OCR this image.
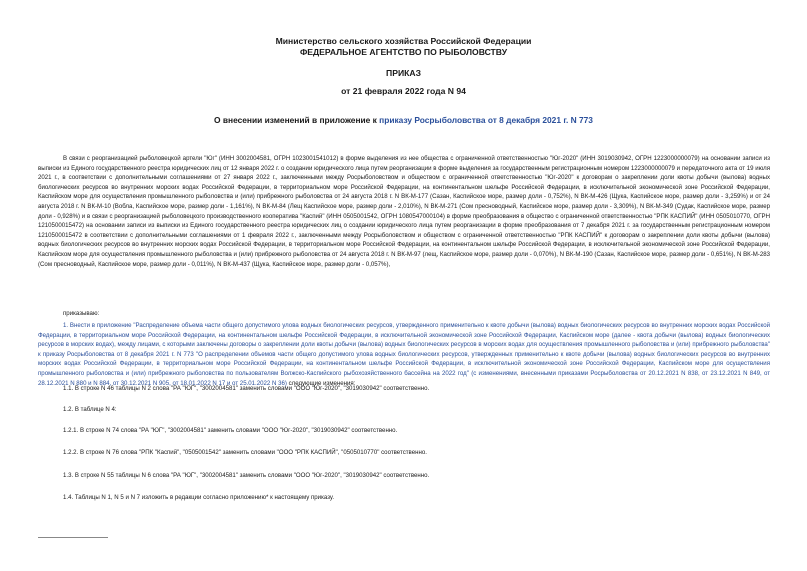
Министерство сельского хозяйства Российской Федерации
ФЕДЕРАЛЬНОЕ АГЕНТСТВО ПО РЫБОЛОВСТВУ
ПРИКАЗ
от 21 февраля 2022 года N 94
О внесении изменений в приложение к приказу Росрыболовства от 8 декабря 2021 г. N 773
В связи с реорганизацией рыболовецкой артели "Юг" (ИНН 3002004581, ОГРН 1023001541012) в форме выделения из нее общества с ограниченной ответственностью "Юг-2020" (ИНН 3019030942, ОГРН 1223000000079) на основании записи из выписки из Единого государственного реестра юридических лиц от 12 января 2022 г. о создании юридического лица путем реорганизации в форме выделения за государственным регистрационным номером 1223000000079 и передаточного акта от 19 июля 2021 г., в соответствии с дополнительными соглашениями от 27 января 2022 г., заключенными между Росрыболовством и обществом с ограниченной ответственностью "Юг-2020" к договорам о закреплении доли квоты добычи (вылова) водных биологических ресурсов во внутренних морских водах Российской Федерации, в территориальном море Российской Федерации, на континентальном шельфе Российской Федерации, в исключительной экономической зоне Российской Федерации, Каспийском море для осуществления промышленного рыболовства и (или) прибрежного рыболовства от 24 августа 2018 г. N ВК-М-177 (Сазан, Каспийское море, размер доли - 0,752%), N ВК-М-426 (Щука, Каспийское море, размер доли - 3,259%) и от 24 августа 2018 г. N ВК-М-10 (Вобла, Каспийское море, размер доли - 1,161%), N ВК-М-84 (Лещ Каспийское море, размер доли - 2,010%), N ВК-М-271 (Сом пресноводный, Каспийское море, размер доли - 3,309%), N ВК-М-349 (Судак, Каспийское море, размер доли - 0,928%) и в связи с реорганизацией рыболовецкого производственного кооператива "Каспий" (ИНН 0505001542, ОГРН 1080547000104) в форме преобразования в общество с ограниченной ответственностью "РПК КАСПИЙ" (ИНН 0505010770, ОГРН 1210500015472) на основании записи из выписки из Единого государственного реестра юридических лиц о создании юридического лица путем реорганизации в форме преобразования от 7 декабря 2021 г. за государственным регистрационным номером 1210500015472 в соответствии с дополнительными соглашениями от 1 февраля 2022 г., заключенными между Росрыболовством и обществом с ограниченной ответственностью "РПК КАСПИЙ" к договорам о закреплении доли квоты добычи (вылова) водных биологических ресурсов во внутренних морских водах Российской Федерации, в территориальном море Российской Федерации, на континентальном шельфе Российской Федерации, в исключительной экономической зоне Российской Федерации, Каспийском море для осуществления промышленного рыболовства и (или) прибрежного рыболовства от 24 августа 2018 г. N ВК-М-97 (лещ, Каспийское море, размер доли - 0,070%), N ВК-М-190 (Сазан, Каспийское море, размер доли - 0,651%), N ВК-М-283 (Сом пресноводный, Каспийское море, размер доли - 0,011%), N ВК-М-437 (Щука, Каспийское море, размер доли - 0,057%),
приказываю:
1. Внести в приложение "Распределение объема части общего допустимого улова водных биологических ресурсов, утвержденного применительно к квоте добычи (вылова) водных биологических ресурсов во внутренних морских водах Российской Федерации, в территориальном море Российской Федерации, на континентальном шельфе Российской Федерации, в исключительной экономической зоне Российской Федерации, Каспийском море (далее - квота добычи (вылова) водных биологических ресурсов в морских водах), между лицами, с которыми заключены договоры о закреплении доли квоты добычи (вылова) водных биологических ресурсов в морских водах для осуществления промышленного рыболовства и (или) прибрежного рыболовства" к приказу Росрыболовства от 8 декабря 2021 г. N 773 "О распределении объемов части общего допустимого улова водных биологических ресурсов, утвержденных применительно к квоте добычи (вылова) водных биологических ресурсов во внутренних морских водах Российской Федерации, в территориальном море Российской Федерации, на континентальном шельфе Российской Федерации, в исключительной экономической зоне Российской Федерации, Каспийском море для осуществления промышленного рыболовства и (или) прибрежного рыболовства по пользователям Волжско-Каспийского рыбохозяйственного бассейна на 2022 год" (с изменениями, внесенными приказами Росрыболовства от 20.12.2021 N 838, от 23.12.2021 N 849, от 28.12.2021 N 880 и N 884, от 30.12.2021 N 905, от 18.01.2022 N 17 и от 25.01.2022 N 36) следующие изменения:
1.1. В строке N 46 таблицы N 2 слова "РА "ЮГ", "3002004581" заменить словами "ООО "Юг-2020", "3019030942" соответственно.
1.2. В таблице N 4:
1.2.1. В строке N 74 слова "РА "ЮГ", "3002004581" заменить словами "ООО "Юг-2020", "3019030942" соответственно.
1.2.2. В строке N 76 слова "РПК "Каспий", "0505001542" заменить словами "ООО "РПК КАСПИЙ", "0505010770" соответственно.
1.3. В строке N 55 таблицы N 6 слова "РА "ЮГ", "3002004581" заменить словами "ООО "Юг-2020", "3019030942" соответственно.
1.4. Таблицы N 1, N 5 и N 7 изложить в редакции согласно приложению* к настоящему приказу.
